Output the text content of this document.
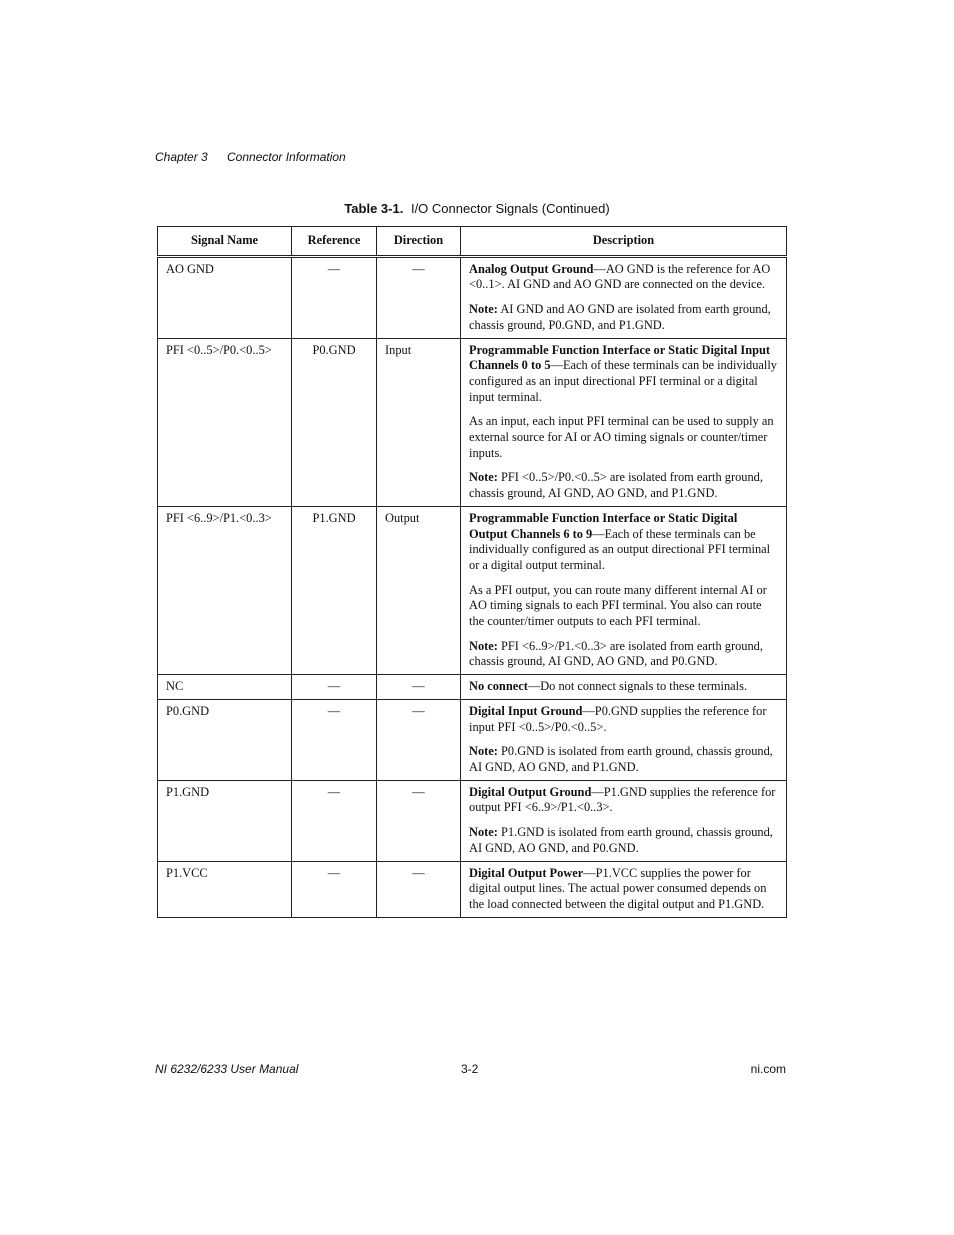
Chapter 3 Connector Information
Table 3-1. I/O Connector Signals (Continued)
Signal Name	Reference	Direction	Description
AO GND	—	—	Analog Output Ground—AO GND is the reference for AO <0..1>. AI GND and AO GND are connected on the device.

Note: AI GND and AO GND are isolated from earth ground, chassis ground, P0.GND, and P1.GND.

PFI <0..5>/P0.<0..5>	P0.GND	Input	Programmable Function Interface or Static Digital Input Channels 0 to 5—Each of these terminals can be individually configured as an input directional PFI terminal or a digital input terminal.

As an input, each input PFI terminal can be used to supply an external source for AI or AO timing signals or counter/timer inputs.

Note: PFI <0..5>/P0.<0..5> are isolated from earth ground, chassis ground, AI GND, AO GND, and P1.GND.

PFI <6..9>/P1.<0..3>	P1.GND	Output	Programmable Function Interface or Static Digital Output Channels 6 to 9—Each of these terminals can be individually configured as an output directional PFI terminal or a digital output terminal.

As a PFI output, you can route many different internal AI or AO timing signals to each PFI terminal. You also can route the counter/timer outputs to each PFI terminal.

Note: PFI <6..9>/P1.<0..3> are isolated from earth ground, chassis ground, AI GND, AO GND, and P0.GND.

NC	—	—	No connect—Do not connect signals to these terminals.

P0.GND	—	—	Digital Input Ground—P0.GND supplies the reference for input PFI <0..5>/P0.<0..5>.

Note: P0.GND is isolated from earth ground, chassis ground, AI GND, AO GND, and P1.GND.

P1.GND	—	—	Digital Output Ground—P1.GND supplies the reference for output PFI <6..9>/P1.<0..3>.

Note: P1.GND is isolated from earth ground, chassis ground, AI GND, AO GND, and P0.GND.

P1.VCC	—	—	Digital Output Power—P1.VCC supplies the power for digital output lines. The actual power consumed depends on the load connected between the digital output and P1.GND.

NI 6232/6233 User Manual	3-2	ni.com
